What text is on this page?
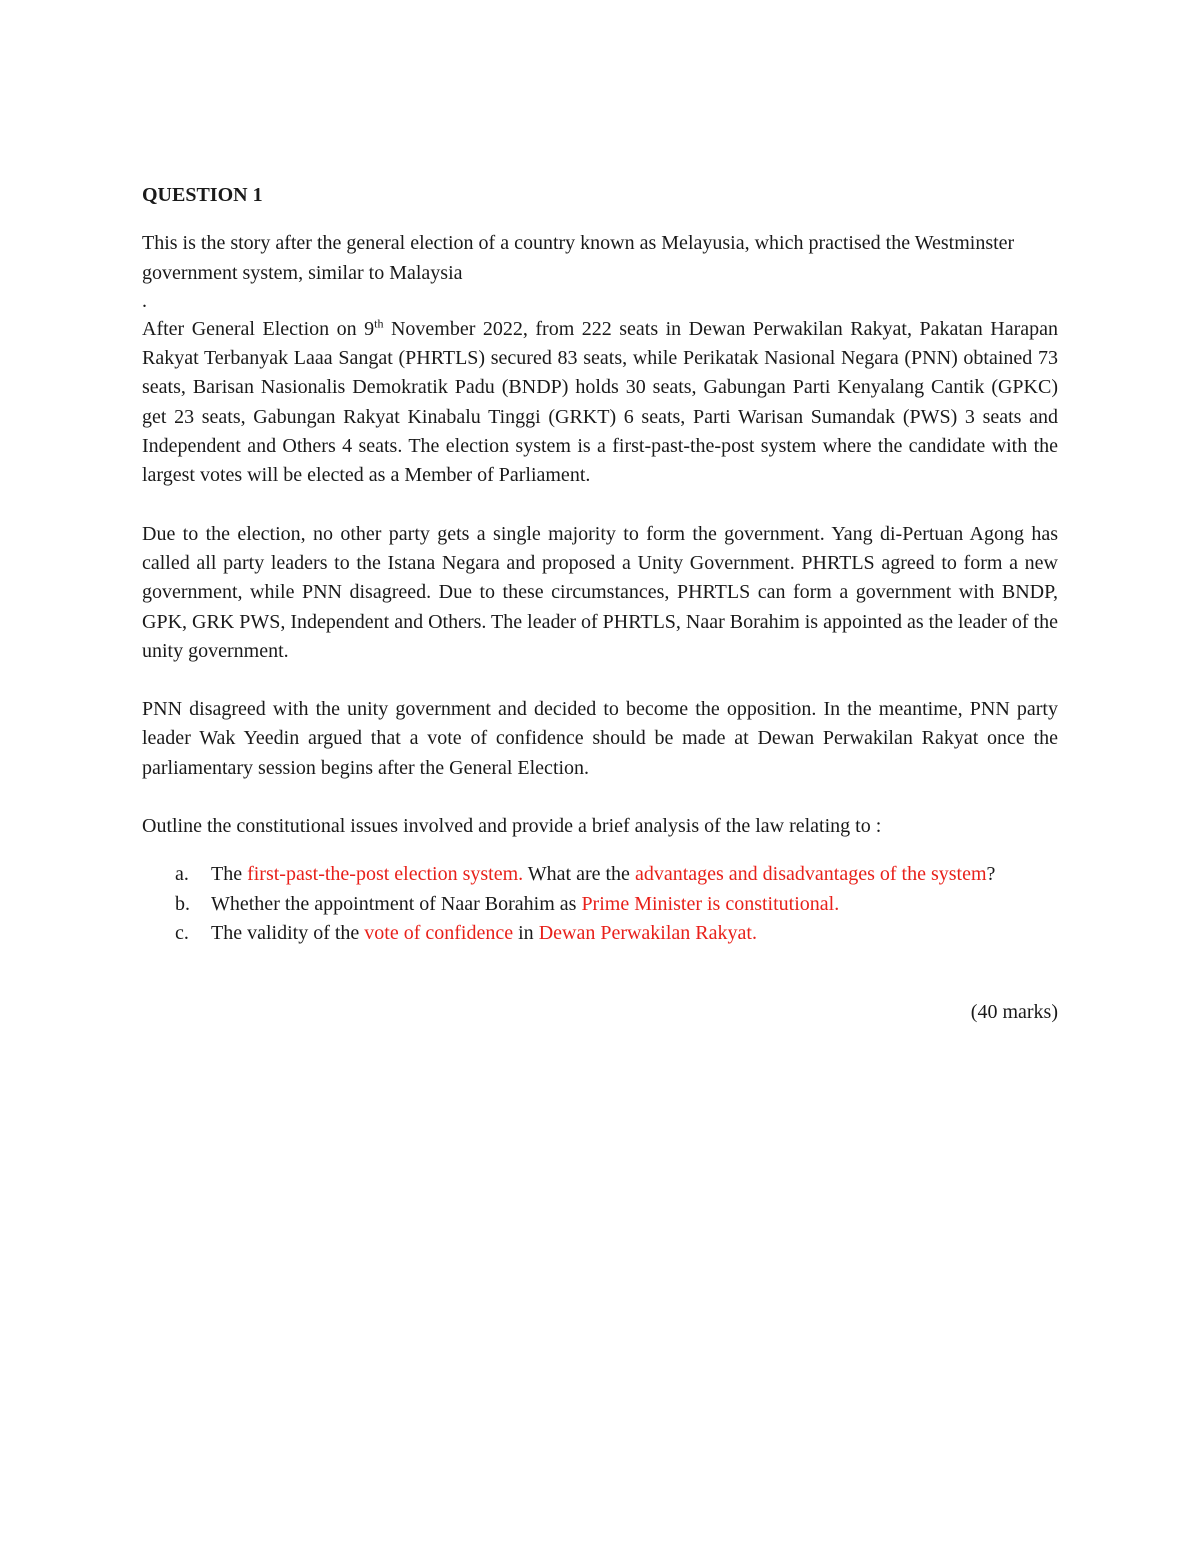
QUESTION 1

This is the story after the general election of a country known as Melayusia, which practised the Westminster government system, similar to Malaysia

.

After General Election on 9th November 2022, from 222 seats in Dewan Perwakilan Rakyat, Pakatan Harapan Rakyat Terbanyak Laaa Sangat (PHRTLS) secured 83 seats, while Perikatak Nasional Negara (PNN) obtained 73 seats, Barisan Nasionalis Demokratik Padu (BNDP) holds 30 seats, Gabungan Parti Kenyalang Cantik (GPKC) get 23 seats, Gabungan Rakyat Kinabalu Tinggi (GRKT) 6 seats, Parti Warisan Sumandak (PWS) 3 seats and Independent and Others 4 seats. The election system is a first-past-the-post system where the candidate with the largest votes will be elected as a Member of Parliament.

Due to the election, no other party gets a single majority to form the government. Yang di-Pertuan Agong has called all party leaders to the Istana Negara and proposed a Unity Government. PHRTLS agreed to form a new government, while PNN disagreed. Due to these circumstances, PHRTLS can form a government with BNDP, GPK, GRK PWS, Independent and Others. The leader of PHRTLS, Naar Borahim is appointed as the leader of the unity government.

PNN disagreed with the unity government and decided to become the opposition. In the meantime, PNN party leader Wak Yeedin argued that a vote of confidence should be made at Dewan Perwakilan Rakyat once the parliamentary session begins after the General Election.

Outline the constitutional issues involved and provide a brief analysis of the law relating to :

a. The first-past-the-post election system. What are the advantages and disadvantages of the system?
b. Whether the appointment of Naar Borahim as Prime Minister is constitutional.
c. The validity of the vote of confidence in Dewan Perwakilan Rakyat.

(40 marks)
